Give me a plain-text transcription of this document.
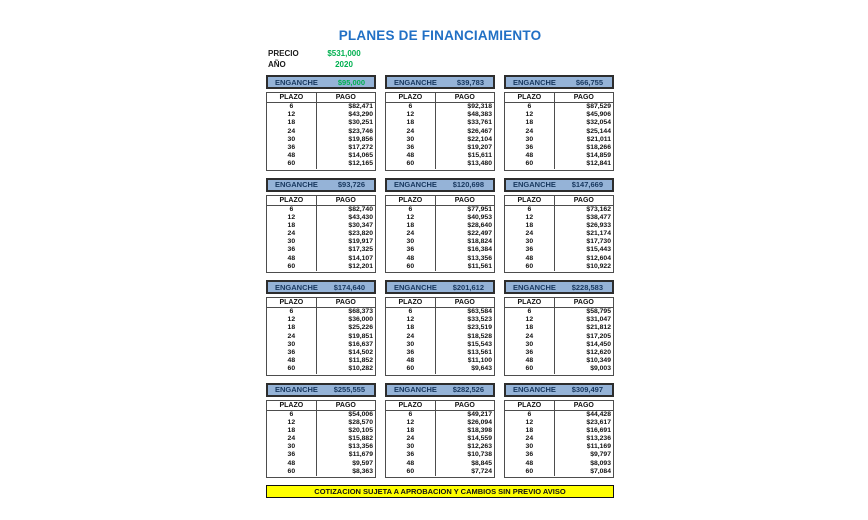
PLANES DE FINANCIAMIENTO
PRECIO	$531,000
AÑO	2020
ENGANCHE	$95,000
PLAZO	PAGO
6	$82,471
12	$43,290
18	$30,251
24	$23,746
30	$19,856
36	$17,272
48	$14,065
60	$12,165
ENGANCHE	$39,783
PLAZO	PAGO
6	$92,318
12	$48,383
18	$33,761
24	$26,467
30	$22,104
36	$19,207
48	$15,611
60	$13,480
ENGANCHE	$66,755
PLAZO	PAGO
6	$87,529
12	$45,906
18	$32,054
24	$25,144
30	$21,011
36	$18,266
48	$14,859
60	$12,841
ENGANCHE	$93,726
PLAZO	PAGO
6	$82,740
12	$43,430
18	$30,347
24	$23,820
30	$19,917
36	$17,325
48	$14,107
60	$12,201
ENGANCHE $120,698
PLAZO	PAGO
6	$77,951
12	$40,953
18	$28,640
24	$22,497
30	$18,824
36	$16,384
48	$13,356
60	$11,561
ENGANCHE $147,669
PLAZO	PAGO
6	$73,162
12	$38,477
18	$26,933
24	$21,174
30	$17,730
36	$15,443
48	$12,604
60	$10,922
ENGANCHE $174,640
PLAZO	PAGO
6	$68,373
12	$36,000
18	$25,226
24	$19,851
30	$16,637
36	$14,502
48	$11,852
60	$10,282
ENGANCHE $201,612
PLAZO	PAGO
6	$63,584
12	$33,523
18	$23,519
24	$18,528
30	$15,543
36	$13,561
48	$11,100
60	$9,643
ENGANCHE $228,583
PLAZO	PAGO
6	$58,795
12	$31,047
18	$21,812
24	$17,205
30	$14,450
36	$12,620
48	$10,349
60	$9,003
ENGANCHE $255,555
PLAZO	PAGO
6	$54,006
12	$28,570
18	$20,105
24	$15,882
30	$13,356
36	$11,679
48	$9,597
60	$8,363
ENGANCHE $282,526
PLAZO	PAGO
6	$49,217
12	$26,094
18	$18,398
24	$14,559
30	$12,263
36	$10,738
48	$8,845
60	$7,724
ENGANCHE $309,497
PLAZO	PAGO
6	$44,428
12	$23,617
18	$16,691
24	$13,236
30	$11,169
36	$9,797
48	$8,093
60	$7,084
COTIZACION SUJETA A APROBACION Y CAMBIOS SIN PREVIO AVISO
